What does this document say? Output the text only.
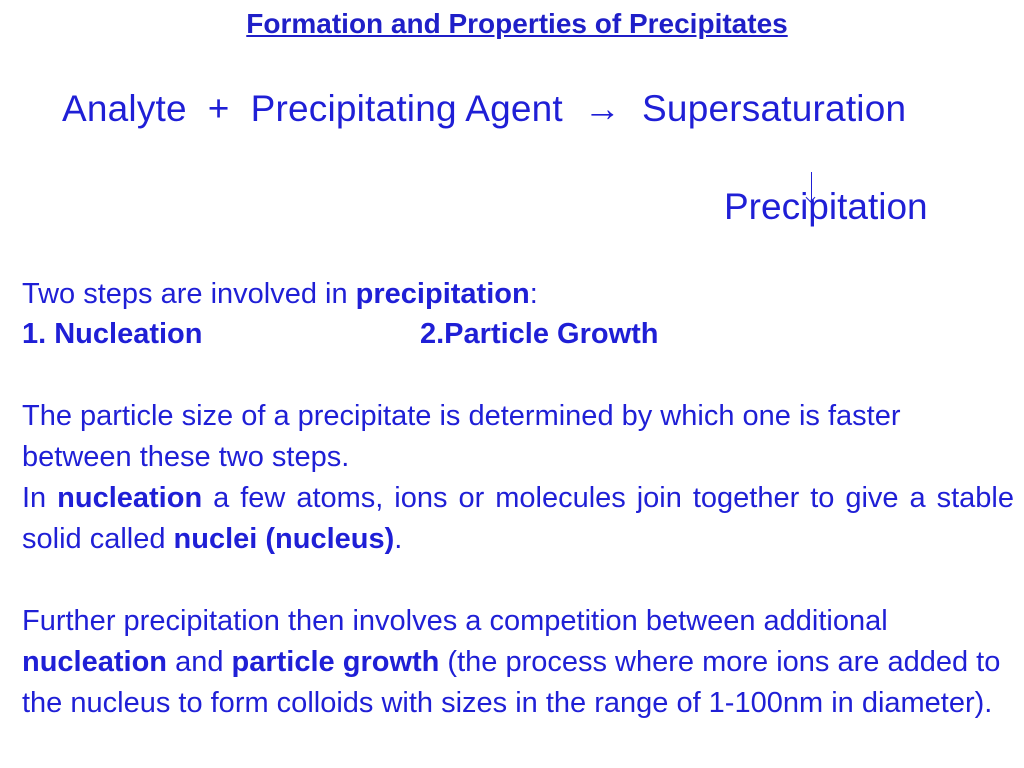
Formation and Properties of Precipitates
Analyte + Precipitating Agent → Supersaturation
Precipitation
Two steps are involved in precipitation:
1. Nucleation	2.Particle Growth
The particle size of a precipitate is determined by which one is faster between these two steps.
In nucleation a few atoms, ions or molecules join together to give a stable solid called nuclei (nucleus).
Further precipitation then involves a competition between additional nucleation and particle growth (the process where more ions are added to the nucleus to form colloids with sizes in the range of 1-100nm in diameter).
